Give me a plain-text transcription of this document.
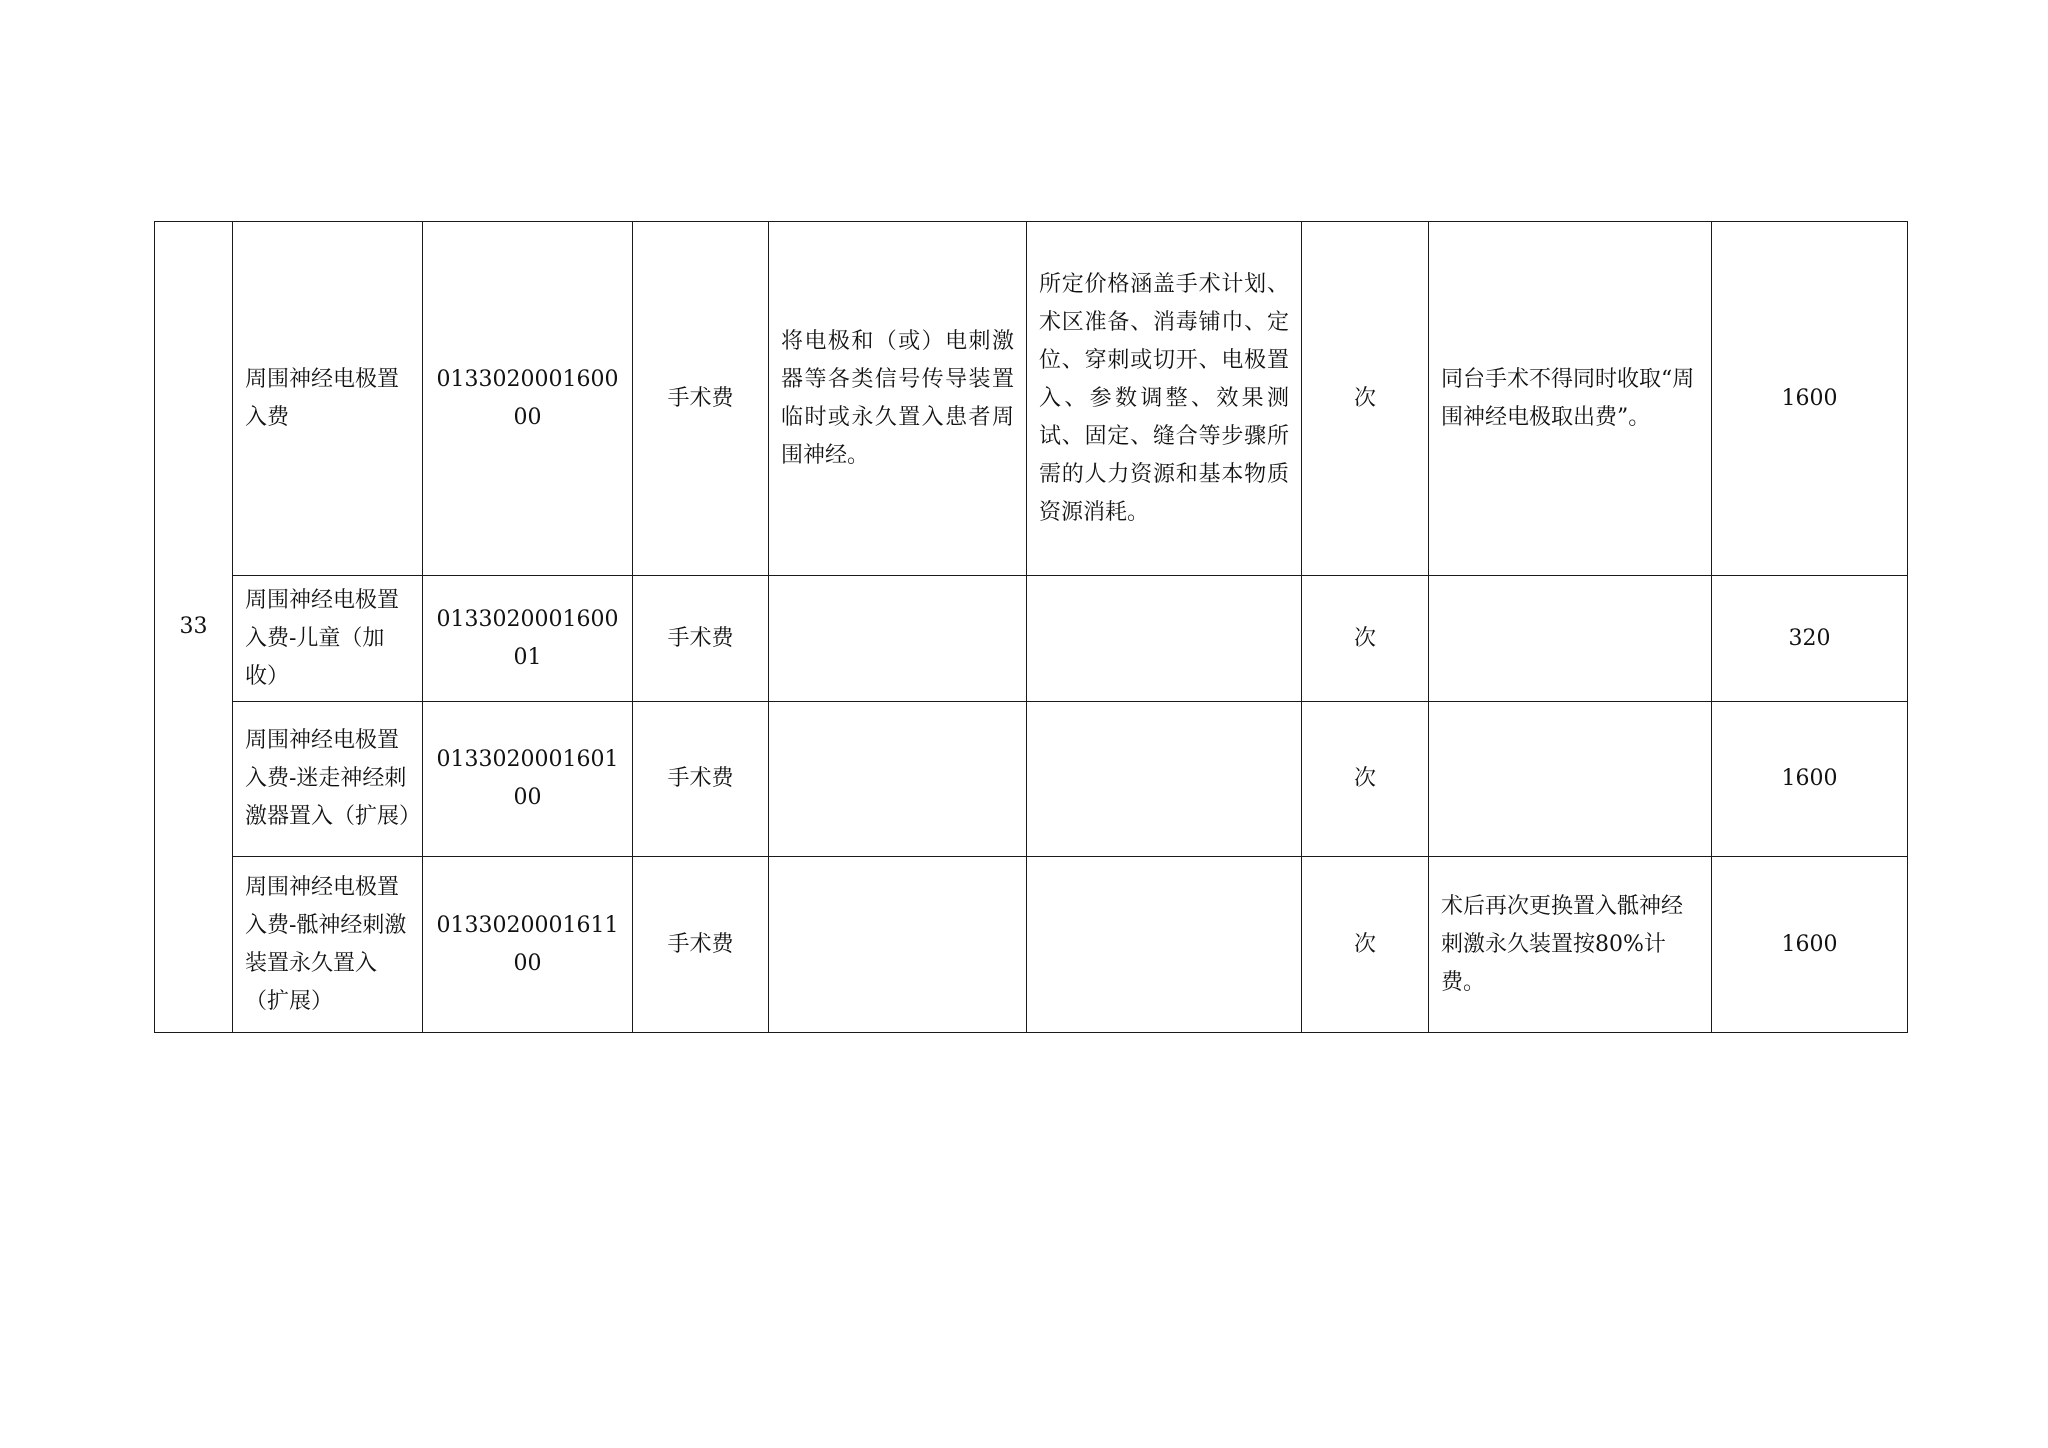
33	周围神经电极置入费	013302000160000	手术费	将电极和（或）电刺激器等各类信号传导装置临时或永久置入患者周围神经。	所定价格涵盖手术计划、术区准备、消毒铺巾、定位、穿刺或切开、电极置入、参数调整、效果测试、固定、缝合等步骤所需的人力资源和基本物质资源消耗。	次	同台手术不得同时收取“周围神经电极取出费”。	1600
	周围神经电极置入费-儿童（加收）	013302000160001	手术费			次		320
	周围神经电极置入费-迷走神经刺激器置入（扩展）	013302000160100	手术费			次		1600
	周围神经电极置入费-骶神经刺激装置永久置入（扩展）	013302000161100	手术费			次	术后再次更换置入骶神经刺激永久装置按80%计费。	1600
